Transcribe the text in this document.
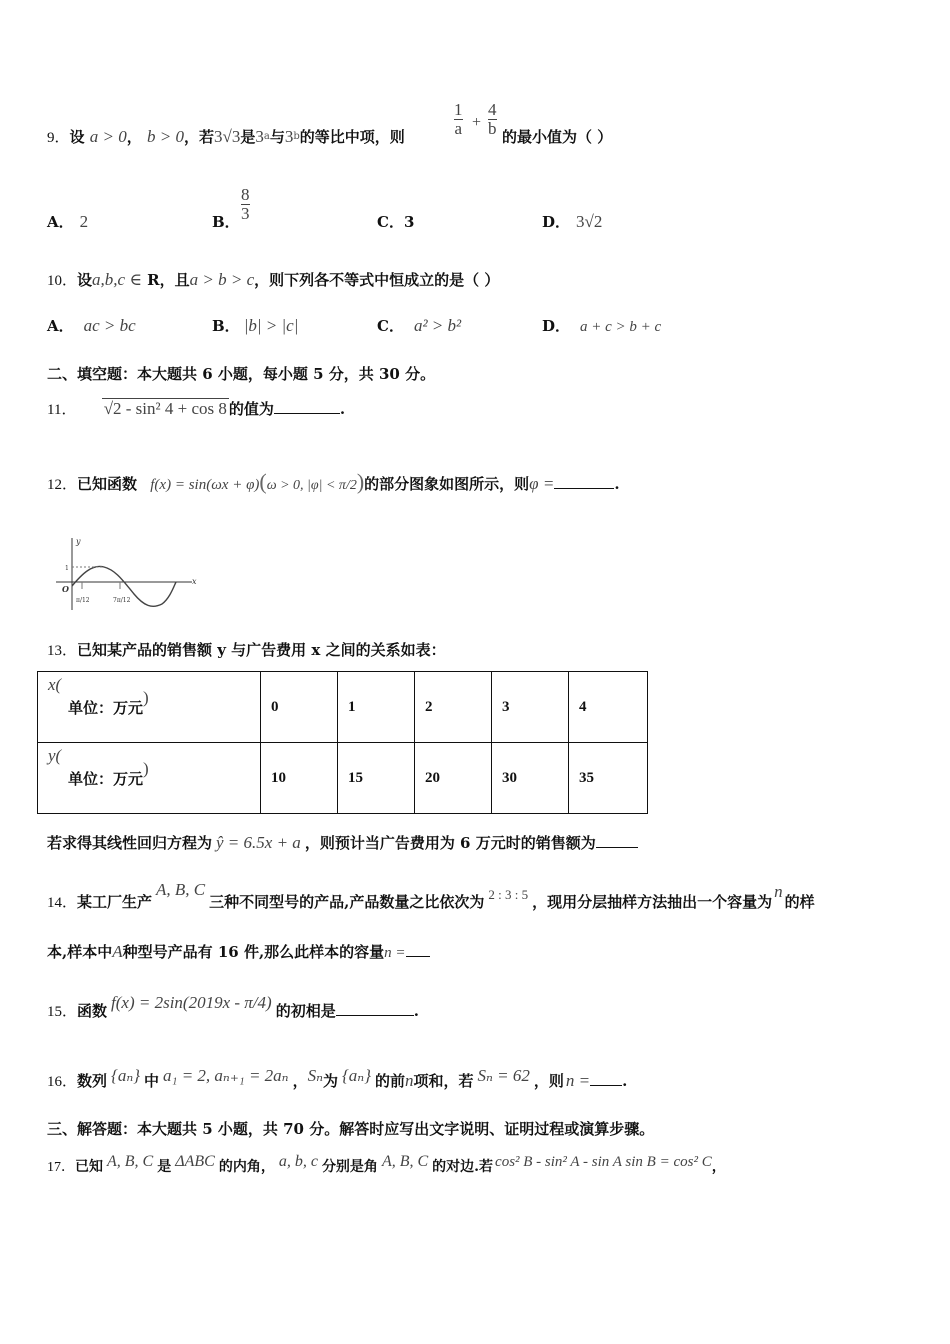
9．设 a > 0， b > 0，若3√3是3$^a$与3$^b$的等比中项，则	$\frac{1}{a} + \frac{4}{b}$ 的最小值为（ ）
A． 2	B． $\frac{8}{3}$	C．3	D． 3√2
10．设a,b,c ∈ R，且a > b > c，则下列各不等式中恒成立的是（ ）
A． ac > bc	B． |b| > |c|	C． a² > b²	D． a + c > b + c
二、填空题：本大题共 6 小题，每小题 5 分，共 30 分。
11． √2 - sin² 4 + cos 8 的值为	.
12．已知函数 f(x) = sin(ωx + φ)(ω > 0, |φ| < π/2)的部分图象如图所示，则φ =	.
y
x
O
1
π/12	7π/12
13．已知某产品的销售额 y 与广告费用 x 之间的关系如表：
x(
单位：万元)	0	1	2	3	4

y(
单位：万元)	10	15	20	30	35
若求得其线性回归方程为 ŷ = 6.5x + a ，则预计当广告费用为 6 万元时的销售额为
14．某工厂生产A, B, C三种不同型号的产品,产品数量之比依次为 2 : 3 : 5 ，现用分层抽样方法抽出一个容量为n的样
本,样本中A种型号产品有 16 件,那么此样本的容量n =
15．函数 f(x) = 2sin(2019x - π/4) 的初相是	.
16．数列 {aₙ} 中 a₁ = 2, aₙ₊₁ = 2aₙ ，Sₙ为 {aₙ} 的前n项和，若 Sₙ = 62 ，则 n = .
三、解答题：本大题共 5 小题，共 70 分。解答时应写出文字说明、证明过程或演算步骤。
17．已知 A, B, C 是 ΔABC 的内角， a, b, c 分别是角 A, B, C 的对边.若 cos² B - sin² A - sin A sin B = cos² C，
